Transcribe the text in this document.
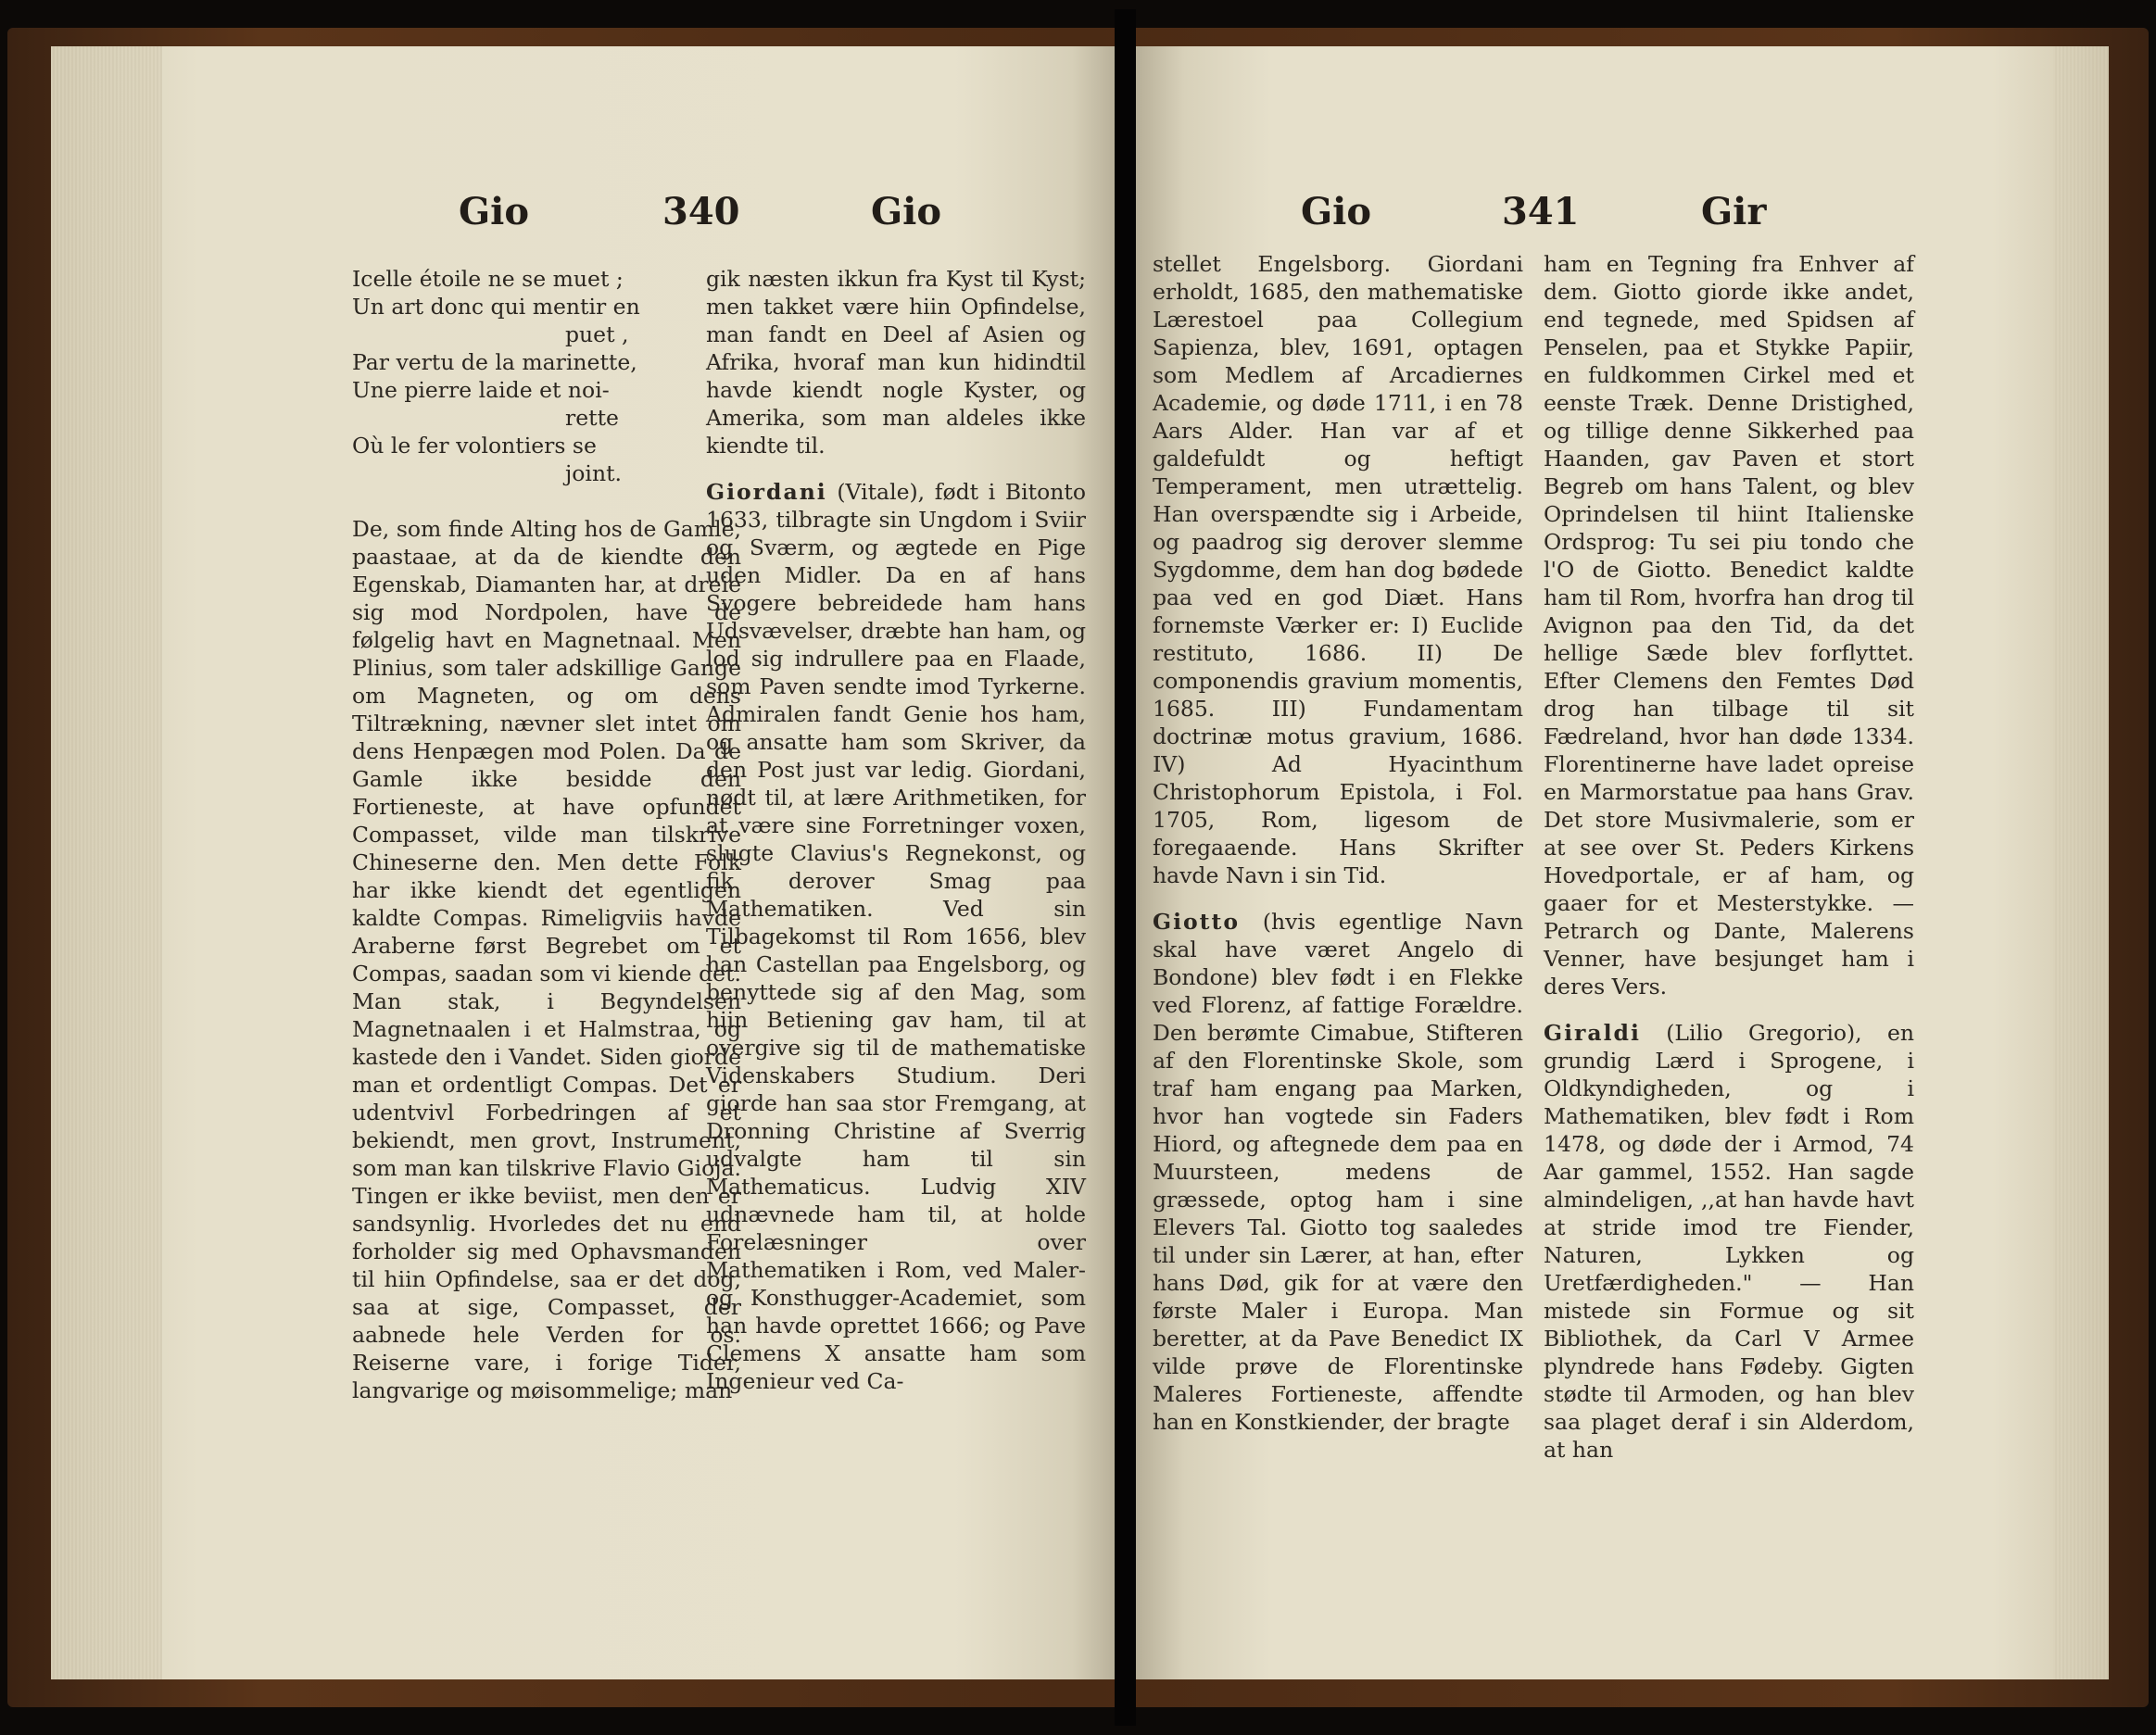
Gio	340	Gio

Icelle étoile ne se muet ;

Un art donc qui mentir en

puet ,

Par vertu de la marinette,

Une pierre laide et noi-

rette

Où le fer volontiers se

joint.

De, som finde Alting hos de Gamle, paastaae, at da de kiendte den Egenskab, Diamanten har, at dreie sig mod Nordpolen, have de følgelig havt en Magnetnaal. Men Plinius, som taler adskillige Gange om Magneten, og om dens Tiltrækning, nævner slet intet om dens Henpægen mod Polen. Da de Gamle ikke besidde den Fortieneste, at have opfundet Compasset, vilde man tilskrive Chineserne den. Men dette Folk har ikke kiendt det egentligen kaldte Compas. Rimeligviis havde Araberne først Begrebet om et Compas, saadan som vi kiende det. Man stak, i Begyndelsen Magnetnaalen i et Halmstraa, og kastede den i Vandet. Siden giorde man et ordentligt Compas. Det er udentvivl Forbedringen af et bekiendt, men grovt, Instrument, som man kan tilskrive Flavio Gioja. Tingen er ikke beviist, men den er sandsynlig. Hvorledes det nu end forholder sig med Ophavsmanden til hiin Opfindelse, saa er det dog, saa at sige, Compasset, der aabnede hele Verden for os. Reiserne vare, i forige Tider, langvarige og møisommelige; man

gik næsten ikkun fra Kyst til Kyst; men takket være hiin Opfindelse, man fandt en Deel af Asien og Afrika, hvoraf man kun hidindtil havde kiendt nogle Kyster, og Amerika, som man aldeles ikke kiendte til.

Giordani (Vitale), født i Bitonto 1633, tilbragte sin Ungdom i Sviir og Sværm, og ægtede en Pige uden Midler. Da en af hans Svogere bebreidede ham hans Udsvævelser, dræbte han ham, og lod sig indrullere paa en Flaade, som Paven sendte imod Tyrkerne. Admiralen fandt Genie hos ham, og ansatte ham som Skriver, da den Post just var ledig. Giordani, nødt til, at lære Arithmetiken, for at være sine Forretninger voxen, slugte Clavius's Regnekonst, og fik derover Smag paa Mathematiken. Ved sin Tilbagekomst til Rom 1656, blev han Castellan paa Engelsborg, og benyttede sig af den Mag, som hiin Betiening gav ham, til at overgive sig til de mathematiske Videnskabers Studium. Deri giorde han saa stor Fremgang, at Dronning Christine af Sverrig udvalgte ham til sin Mathematicus. Ludvig XIV udnævnede ham til, at holde Forelæsninger over Mathematiken i Rom, ved Maler- og Konsthugger-Academiet, som han havde oprettet 1666; og Pave Clemens X ansatte ham som Ingenieur ved Ca-

Gio	341	Gir

stellet Engelsborg. Giordani erholdt, 1685, den mathematiske Lærestoel paa Collegium Sapienza, blev, 1691, optagen som Medlem af Arcadiernes Academie, og døde 1711, i en 78 Aars Alder. Han var af et galdefuldt og heftigt Temperament, men utrættelig. Han overspændte sig i Arbeide, og paadrog sig derover slemme Sygdomme, dem han dog bødede paa ved en god Diæt. Hans fornemste Værker er: I) Euclide restituto, 1686. II) De componendis gravium momentis, 1685. III) Fundamentam doctrinæ motus gravium, 1686. IV) Ad Hyacinthum Christophorum Epistola, i Fol. 1705, Rom, ligesom de foregaaende. Hans Skrifter havde Navn i sin Tid.

Giotto (hvis egentlige Navn skal have været Angelo di Bondone) blev født i en Flekke ved Florenz, af fattige Forældre. Den berømte Cimabue, Stifteren af den Florentinske Skole, som traf ham engang paa Marken, hvor han vogtede sin Faders Hiord, og aftegnede dem paa en Muursteen, medens de græssede, optog ham i sine Elevers Tal. Giotto tog saaledes til under sin Lærer, at han, efter hans Død, gik for at være den første Maler i Europa. Man beretter, at da Pave Benedict IX vilde prøve de Florentinske Maleres Fortieneste, affendte han en Konstkiender, der bragte

ham en Tegning fra Enhver af dem. Giotto giorde ikke andet, end tegnede, med Spidsen af Penselen, paa et Stykke Papiir, en fuldkommen Cirkel med et eenste Træk. Denne Dristighed, og tillige denne Sikkerhed paa Haanden, gav Paven et stort Begreb om hans Talent, og blev Oprindelsen til hiint Italienske Ordsprog: Tu sei piu tondo che l'O de Giotto. Benedict kaldte ham til Rom, hvorfra han drog til Avignon paa den Tid, da det hellige Sæde blev forflyttet. Efter Clemens den Femtes Død drog han tilbage til sit Fædreland, hvor han døde 1334. Florentinerne have ladet opreise en Marmorstatue paa hans Grav. Det store Musivmalerie, som er at see over St. Peders Kirkens Hovedportale, er af ham, og gaaer for et Mesterstykke. — Petrarch og Dante, Malerens Venner, have besjunget ham i deres Vers.

Giraldi (Lilio Gregorio), en grundig Lærd i Sprogene, i Oldkyndigheden, og i Mathematiken, blev født i Rom 1478, og døde der i Armod, 74 Aar gammel, 1552. Han sagde almindeligen, ,,at han havde havt at stride imod tre Fiender, Naturen, Lykken og Uretfærdigheden." — Han mistede sin Formue og sit Bibliothek, da Carl V Armee plyndrede hans Fødeby. Gigten stødte til Armoden, og han blev saa plaget deraf i sin Alderdom, at han
